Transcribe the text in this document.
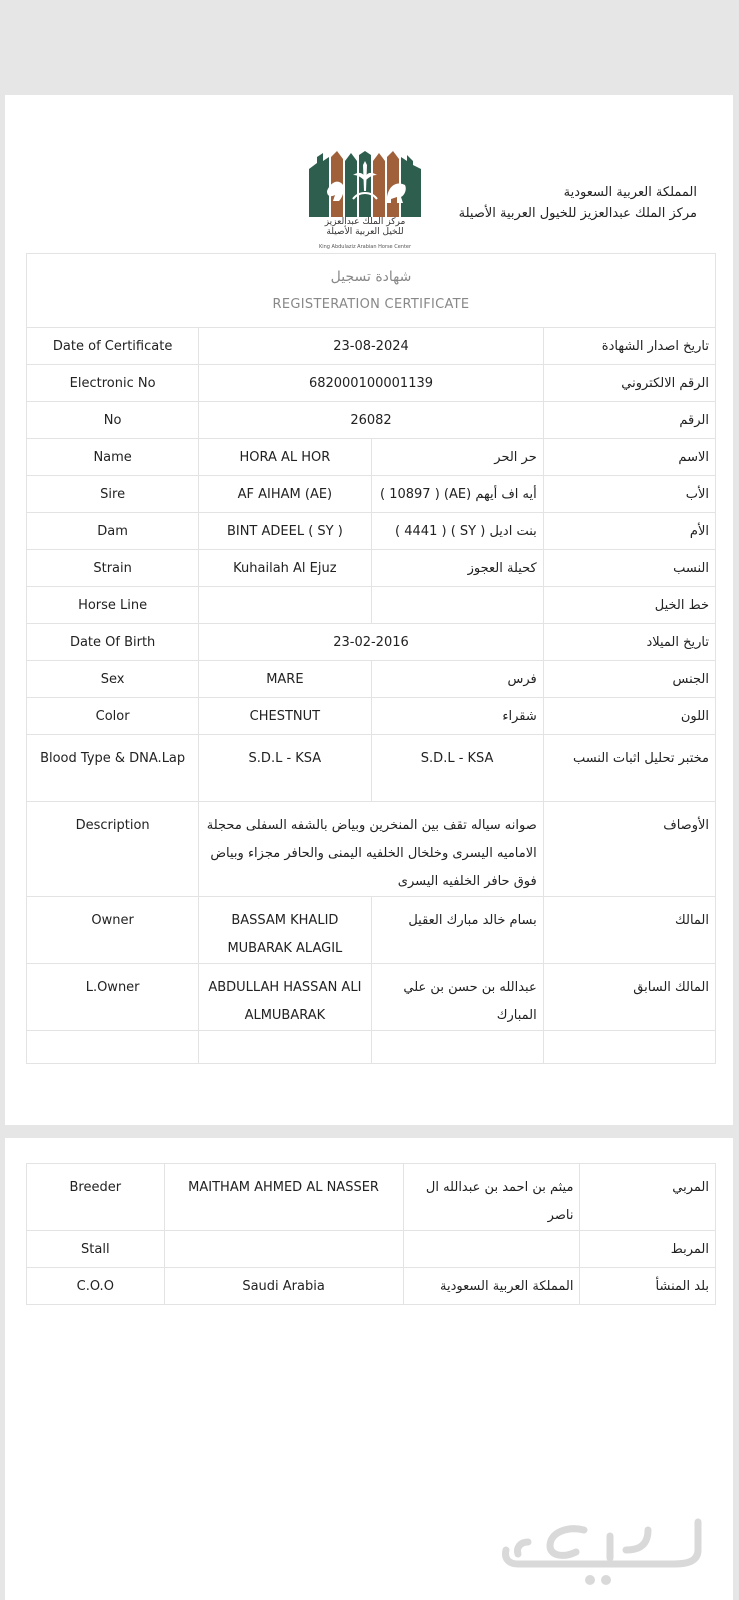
مركز الملك عبدالعزيز
للخيل العربية الأصيلة
King Abdulaziz Arabian Horse Center
المملكة العربية السعودية
مركز الملك عبدالعزيز للخيول العربية الأصيلة
شهادة تسجيل
REGISTERATION CERTIFICATE			

Date of Certificate	23-08-2024		تاريخ اصدار الشهادة
Electronic No	682000100001139		الرقم الالكتروني
No	26082		الرقم
Name	HORA AL HOR	حر الحر	الاسم
Sire	AF AIHAM (AE)	أيه اف أيهم (AE) ( 10897 )	الأب
Dam	BINT ADEEL ( SY )	بنت اديل ( SY ) ( 4441 )	الأم
Strain	Kuhailah Al Ejuz	كحيلة العجوز	النسب
Horse Line			خط الخيل
Date Of Birth	23-02-2016		تاريخ الميلاد
Sex	MARE	فرس	الجنس
Color	CHESTNUT	شقراء	اللون
Blood Type & DNA.Lap	S.D.L - KSA	S.D.L - KSA	مختبر تحليل اثبات النسب
Description	صوانه سياله تقف بين المنخرين وبياض بالشفه السفلى محجلة الاماميه اليسرى وخلخال الخلفيه اليمنى والحافر مجزاء وبياض فوق حافر الخلفيه اليسرى		الأوصاف
Owner	BASSAM KHALID MUBARAK ALAGIL	بسام خالد مبارك العقيل	المالك
L.Owner	ABDULLAH HASSAN ALI ALMUBARAK	عبدالله بن حسن بن علي المبارك	المالك السابق

Breeder	MAITHAM AHMED AL NASSER	ميثم بن احمد بن عبدالله ال ناصر	المربي
Stall			المربط
C.O.O	Saudi Arabia	المملكة العربية السعودية	بلد المنشأ
حراج
